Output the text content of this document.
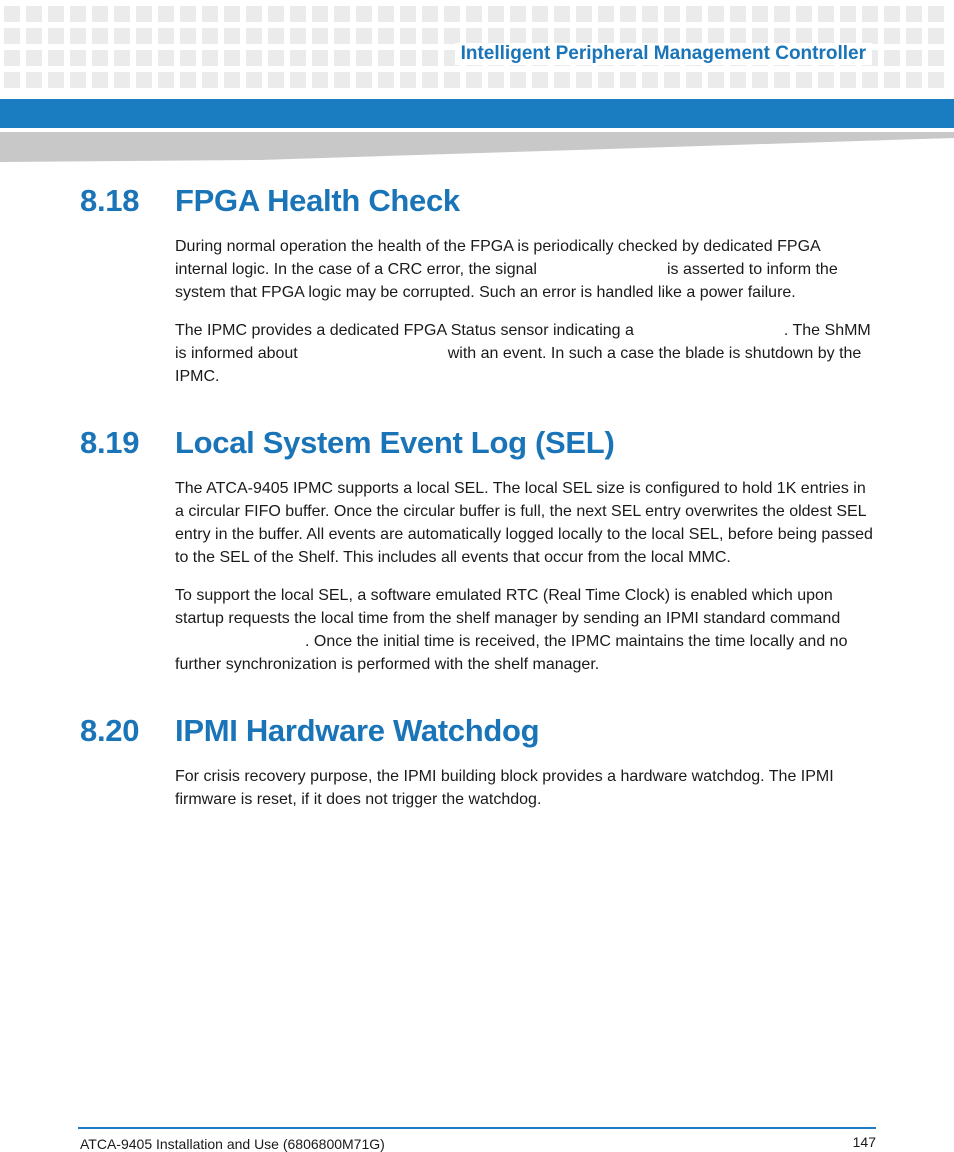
Intelligent Peripheral Management Controller
8.18 FPGA Health Check

During normal operation the health of the FPGA is periodically checked by dedicated FPGA internal logic. In the case of a CRC error, the signal	is asserted to inform the system that FPGA logic may be corrupted. Such an error is handled like a power failure.

The IPMC provides a dedicated FPGA Status sensor indicating a	. The ShMM is informed about	with an event. In such a case the blade is shutdown by the IPMC.

8.19 Local System Event Log (SEL)

The ATCA-9405 IPMC supports a local SEL. The local SEL size is configured to hold 1K entries in a circular FIFO buffer. Once the circular buffer is full, the next SEL entry overwrites the oldest SEL entry in the buffer. All events are automatically logged locally to the local SEL, before being passed to the SEL of the Shelf. This includes all events that occur from the local MMC.

To support the local SEL, a software emulated RTC (Real Time Clock) is enabled which upon startup requests the local time from the shelf manager by sending an IPMI standard command. Once the initial time is received, the IPMC maintains the time locally and no further synchronization is performed with the shelf manager.

8.20 IPMI Hardware Watchdog

For crisis recovery purpose, the IPMI building block provides a hardware watchdog. The IPMI firmware is reset, if it does not trigger the watchdog.

ATCA-9405 Installation and Use (6806800M71G)	147
